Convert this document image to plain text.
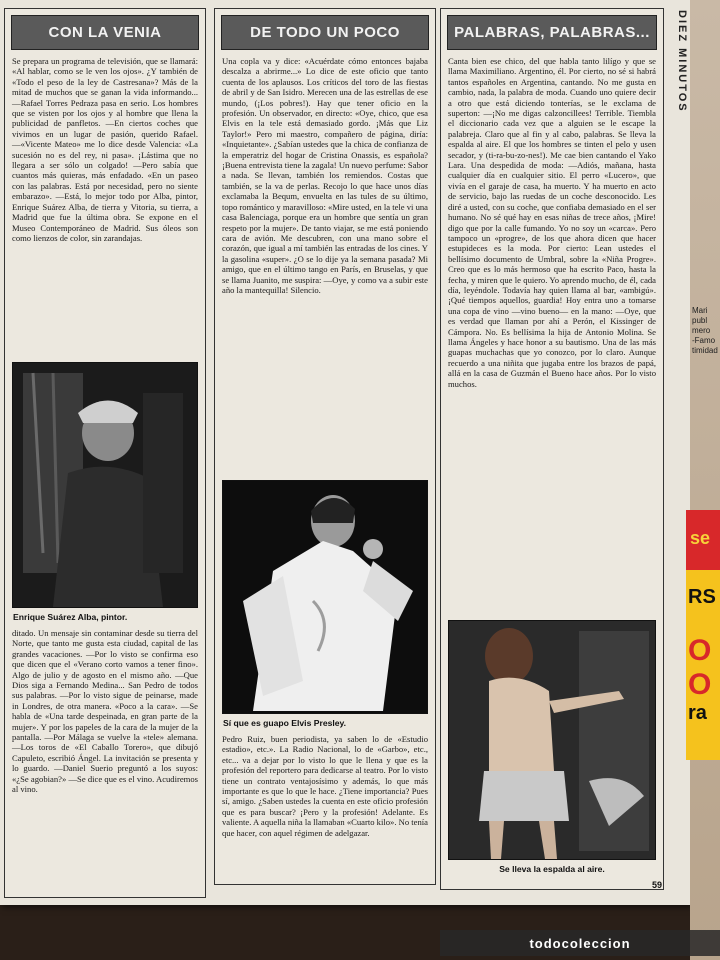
DIEZ MINUTOS
CON LA VENIA
Se prepara un programa de televisión, que se llamará: «Al hablar, como se le ven los ojos». ¿Y también de «Todo el peso de la ley de Castresana»? Más de la mitad de muchos que se ganan la vida informando... —Rafael Torres Pedraza pasa en serio. Los hombres que se visten por los ojos y al hombre que llena la publicidad de panfletos. —En ciertos coches que vivimos en un lugar de pasión, querido Rafael. —«Vicente Mateo» me lo dice desde Valencia: «La sucesión no es del rey, ni pasa». ¡Lástima que no llegara a ser sólo un colgado! —Pero sabía que cuantos más quieras, más enfadado. «En un paseo con las palabras. Está por necesidad, pero no siente embarazo». —Está, lo mejor todo por Alba, pintor, Enrique Suárez Alba, de tierra y Vitoria, su tierra, a Madrid que fue la última obra. Se expone en el Museo Contemporáneo de Madrid. Sus óleos son como lienzos de color, sin zarandajas.
Enrique Suárez Alba, pintor.
ditado. Un mensaje sin contaminar desde su tierra del Norte, que tanto me gusta esta ciudad, capital de las grandes vacaciones. —Por lo visto se confirma eso que dicen que el «Verano corto vamos a tener fino». Algo de julio y de agosto en el mismo año. —Que Dios siga a Fernando Medina... San Pedro de todos sus palabras. —Por lo visto sigue de peinarse, made in Londres, de otra manera. «Poco a la cara». —Se habla de «Una tarde despeinada, en gran parte de la mujer». Y por los papeles de la cara de la mujer de la pantalla. —Por Málaga se vuelve la «tele» alemana. —Los toros de «El Caballo Torero», que dibujó Capuleto, escribió Ángel. La invitación se presenta y lo guardo. —Daniel Suerio preguntó a los suyos: «¿Se agobian?» —Se dice que es el vino. Acudiremos al vino.
DE TODO UN POCO
Una copla va y dice: «Acuérdate cómo entonces bajaba descalza a abrirme...» Lo dice de este oficio que tanto cuenta de los aplausos. Los críticos del toro de las fiestas de abril y de San Isidro. Merecen una de las estrellas de ese mundo, (¡Los pobres!). Hay que tener oficio en la profesión. Un observador, en directo: «Oye, chico, que esa Elvis en la tele está demasiado gordo. ¡Más que Liz Taylor!» Pero mi maestro, compañero de página, diría: «Inquietante». ¿Sabían ustedes que la chica de confianza de la emperatriz del hogar de Cristina Onassis, es española? ¡Buena entrevista tiene la zagala! Un nuevo perfume: Sabor a nada. Se llevan, también los remiendos. Costas que también, se la va de perlas. Recojo lo que hace unos días exclamaba la Bequm, envuelta en las tules de su último, topo romántico y maravilloso: «Mire usted, en la tele vi una casa Balenciaga, porque era un hombre que sentía un gran respeto por la mujer». De tanto viajar, se me está poniendo cara de avión. Me descubren, con una mano sobre el corazón, que igual a mí también las entradas de los cines. Y la gasolina «super». ¿O se lo dije ya la semana pasada? Mi amigo, que en el último tango en París, en Bruselas, y que se llama Juanito, me suspira: —Oye, y como va a subir este año la mantequilla! Silencio.
Sí que es guapo Elvis Presley.
Pedro Ruiz, buen periodista, ya saben lo de «Estudio estadio», etc.». La Radio Nacional, lo de «Garbo», etc., etc... va a dejar por lo visto lo que le llena y que es la profesión del reportero para dedicarse al teatro. Por lo visto tiene un contrato ventajosísimo y además, lo que más importante es que lo que le hace. ¿Tiene importancia? Pues sí, amigo. ¿Saben ustedes la cuenta en este oficio profesión que es para buscar? ¡Pero y la profesión! Adelante. Es valiente. A aquella niña la llamaban «Cuarto kilo». No tenía que hacer, con aquel régimen de adelgazar.
PALABRAS, PALABRAS...
Canta bien ese chico, del que habla tanto lilígo y que se llama Maximiliano. Argentino, él. Por cierto, no sé si habrá tantos españoles en Argentina, cantando. No me gusta en cambio, nada, la palabra de moda. Cuando uno quiere decir a otro que está diciendo tonterías, se le exclama de superton: —¡No me digas calzoncillees! Terrible. Tiembla el diccionario cada vez que a alguien se le escape la palabreja. Claro que al fin y al cabo, palabras. Se lleva la espalda al aire. El que los hombres se tinten el pelo y usen secador, y (ti-ra-bu-zo-nes!). Me cae bien cantando el Yako Lara. Una despedida de moda: —Adiós, mañana, hasta cualquier día en cualquier sitio. El perro «Lucero», que vivía en el garaje de casa, ha muerto. Y ha muerto en acto de servicio, bajo las ruedas de un coche desconocido. Les diré a usted, con su coche, que confiaba demasiado en el ser humano. No sé qué hay en esas niñas de trece años, ¡Mire! digo que por la calle fumando. Yo no soy un «carca». Pero tampoco un «progre», de los que ahora dicen que hacer estupideces es la moda. Por cierto: Lean ustedes el bellísimo documento de Umbral, sobre la «Niña Progre». Creo que es lo más hermoso que ha escrito Paco, hasta la fecha, y miren que le quiero. Yo aprendo mucho, de él, cada día, leyéndole. Todavía hay quien llama al bar, «ambigú». ¡Qué tiempos aquellos, guardia! Hoy entra uno a tomarse una copa de vino —vino bueno— en la mano: —Oye, que es verdad que llaman por ahí a Perón, el Kissinger de Cámpora. No. Es bellísima la hija de Antonio Molina. Se llama Ángeles y hace honor a su bautismo. Una de las más guapas muchachas que yo conozco, por lo claro. Aunque recuerdo a una niñita que jugaba entre los brazos de papá, allá en la casa de Guzmán el Bueno hace años. Por lo visto muchos.
Se lleva la espalda al aire.
59
Mari
publ
mero
-Famo
timidad
se
RS
O
O
ra
todocoleccion
